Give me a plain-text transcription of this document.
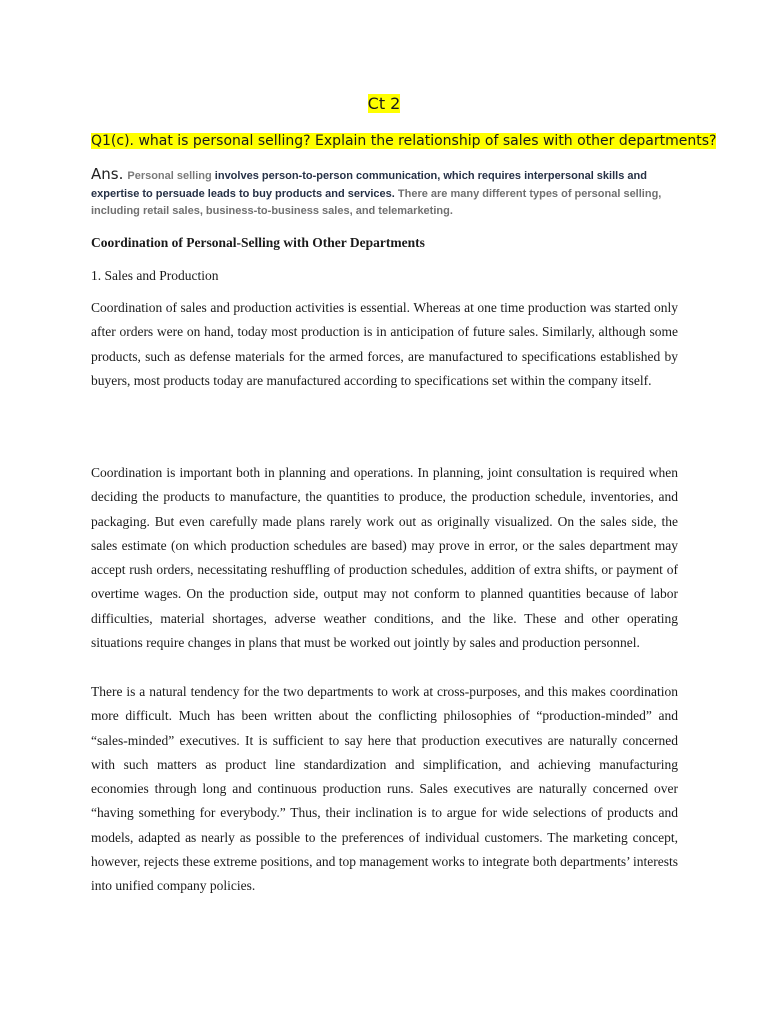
Ct 2
Q1(c). what is personal selling? Explain the relationship of sales with other departments?
Ans. Personal selling involves person-to-person communication, which requires interpersonal skills and expertise to persuade leads to buy products and services. There are many different types of personal selling, including retail sales, business-to-business sales, and telemarketing.
Coordination of Personal-Selling with Other Departments
1. Sales and Production

Coordination of sales and production activities is essential. Whereas at one time production was started only after orders were on hand, today most production is in anticipation of future sales. Similarly, although some products, such as defense materials for the armed forces, are manufactured to specifications established by buyers, most products today are manufactured according to specifications set within the company itself.

Coordination is important both in planning and operations. In planning, joint consultation is required when deciding the products to manufacture, the quantities to produce, the production schedule, inventories, and packaging. But even carefully made plans rarely work out as originally visualized. On the sales side, the sales estimate (on which production schedules are based) may prove in error, or the sales department may accept rush orders, necessitating reshuffling of production schedules, addition of extra shifts, or payment of overtime wages. On the production side, output may not conform to planned quantities because of labor difficulties, material shortages, adverse weather conditions, and the like. These and other operating situations require changes in plans that must be worked out jointly by sales and production personnel.

There is a natural tendency for the two departments to work at cross-purposes, and this makes coordination more difficult. Much has been written about the conflicting philosophies of “production-minded” and “sales-minded” executives. It is sufficient to say here that production executives are naturally concerned with such matters as product line standardization and simplification, and achieving manufacturing economies through long and continuous production runs. Sales executives are naturally concerned over “having something for everybody.” Thus, their inclination is to argue for wide selections of products and models, adapted as nearly as possible to the preferences of individual customers. The marketing concept, however, rejects these extreme positions, and top management works to integrate both departments’ interests into unified company policies.
